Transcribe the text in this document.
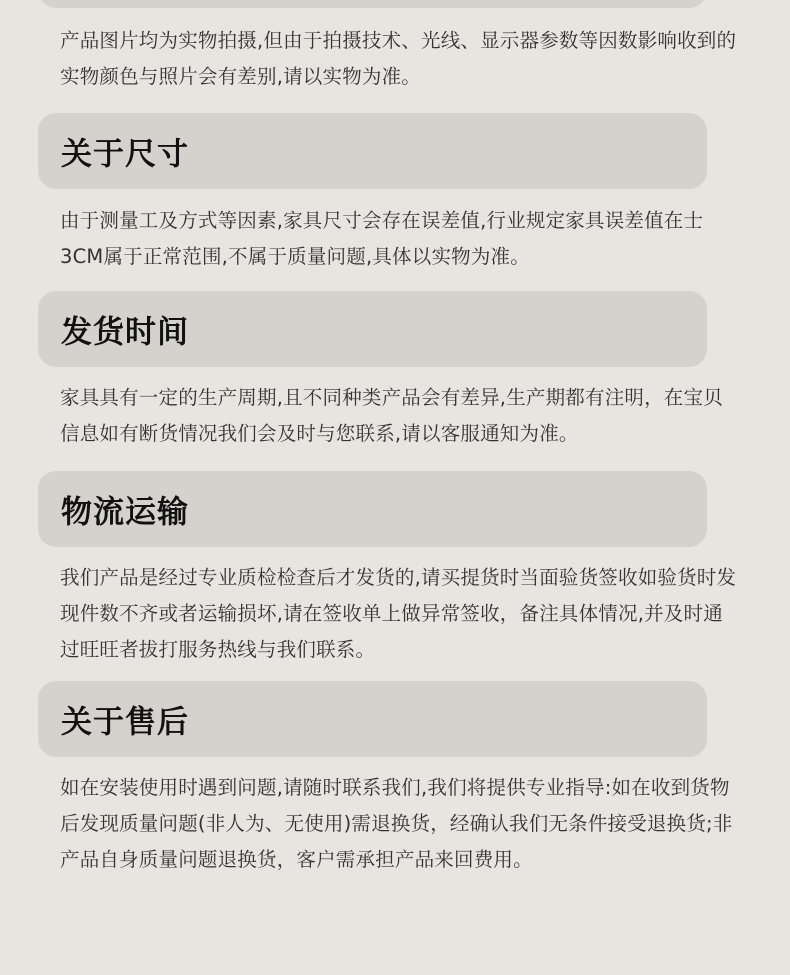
产品图片均为实物拍摄,但由于拍摄技术、光线、显示器参数等因数影响收到的实物颜色与照片会有差别,请以实物为准。

关于尺寸

由于测量工及方式等因素,家具尺寸会存在误差值,行业规定家具误差值在士3CM属于正常范围,不属于质量问题,具体以实物为准。

发货时间

家具具有一定的生产周期,且不同种类产品会有差异,生产期都有注明，在宝贝信息如有断货情况我们会及时与您联系,请以客服通知为准。

物流运输

我们产品是经过专业质检检查后才发货的,请买提货时当面验货签收如验货时发现件数不齐或者运输损坏,请在签收单上做异常签收，备注具体情况,并及时通过旺旺者拔打服务热线与我们联系。

关于售后

如在安装使用时遇到问题,请随时联系我们,我们将提供专业指导:如在收到货物后发现质量问题(非人为、无使用)需退换货，经确认我们无条件接受退换货;非产品自身质量问题退换货，客户需承担产品来回费用。
